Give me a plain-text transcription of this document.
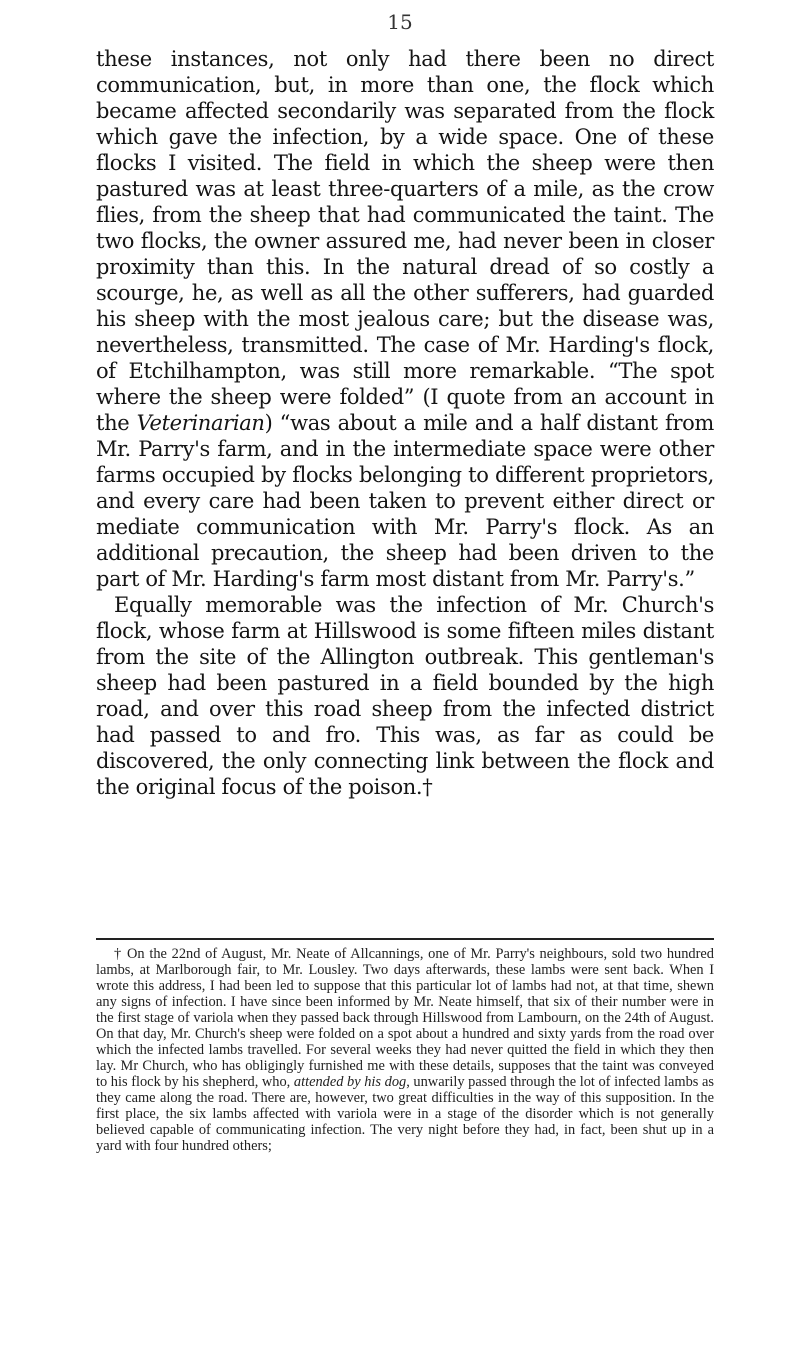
15

these instances, not only had there been no direct communication, but, in more than one, the flock which became affected secondarily was separated from the flock which gave the infection, by a wide space. One of these flocks I visited. The field in which the sheep were then pastured was at least three-quarters of a mile, as the crow flies, from the sheep that had communicated the taint. The two flocks, the owner assured me, had never been in closer proximity than this. In the natural dread of so costly a scourge, he, as well as all the other sufferers, had guarded his sheep with the most jealous care; but the disease was, nevertheless, transmitted. The case of Mr. Harding's flock, of Etchilhampton, was still more remarkable. “The spot where the sheep were folded” (I quote from an account in the Veterinarian) “was about a mile and a half distant from Mr. Parry's farm, and in the intermediate space were other farms occupied by flocks belonging to different proprietors, and every care had been taken to prevent either direct or mediate communication with Mr. Parry's flock. As an additional precaution, the sheep had been driven to the part of Mr. Harding's farm most distant from Mr. Parry's.”

Equally memorable was the infection of Mr. Church's flock, whose farm at Hillswood is some fifteen miles distant from the site of the Allington outbreak. This gentleman's sheep had been pastured in a field bounded by the high road, and over this road sheep from the infected district had passed to and fro. This was, as far as could be discovered, the only connecting link between the flock and the original focus of the poison.†

† On the 22nd of August, Mr. Neate of Allcannings, one of Mr. Parry's neighbours, sold two hundred lambs, at Marlborough fair, to Mr. Lousley. Two days afterwards, these lambs were sent back. When I wrote this address, I had been led to suppose that this particular lot of lambs had not, at that time, shewn any signs of infection. I have since been informed by Mr. Neate himself, that six of their number were in the first stage of variola when they passed back through Hillswood from Lambourn, on the 24th of August. On that day, Mr. Church's sheep were folded on a spot about a hundred and sixty yards from the road over which the infected lambs travelled. For several weeks they had never quitted the field in which they then lay. Mr Church, who has obligingly furnished me with these details, supposes that the taint was conveyed to his flock by his shepherd, who, attended by his dog, unwarily passed through the lot of infected lambs as they came along the road. There are, however, two great difficulties in the way of this supposition. In the first place, the six lambs affected with variola were in a stage of the disorder which is not generally believed capable of communicating infection. The very night before they had, in fact, been shut up in a yard with four hundred others;
